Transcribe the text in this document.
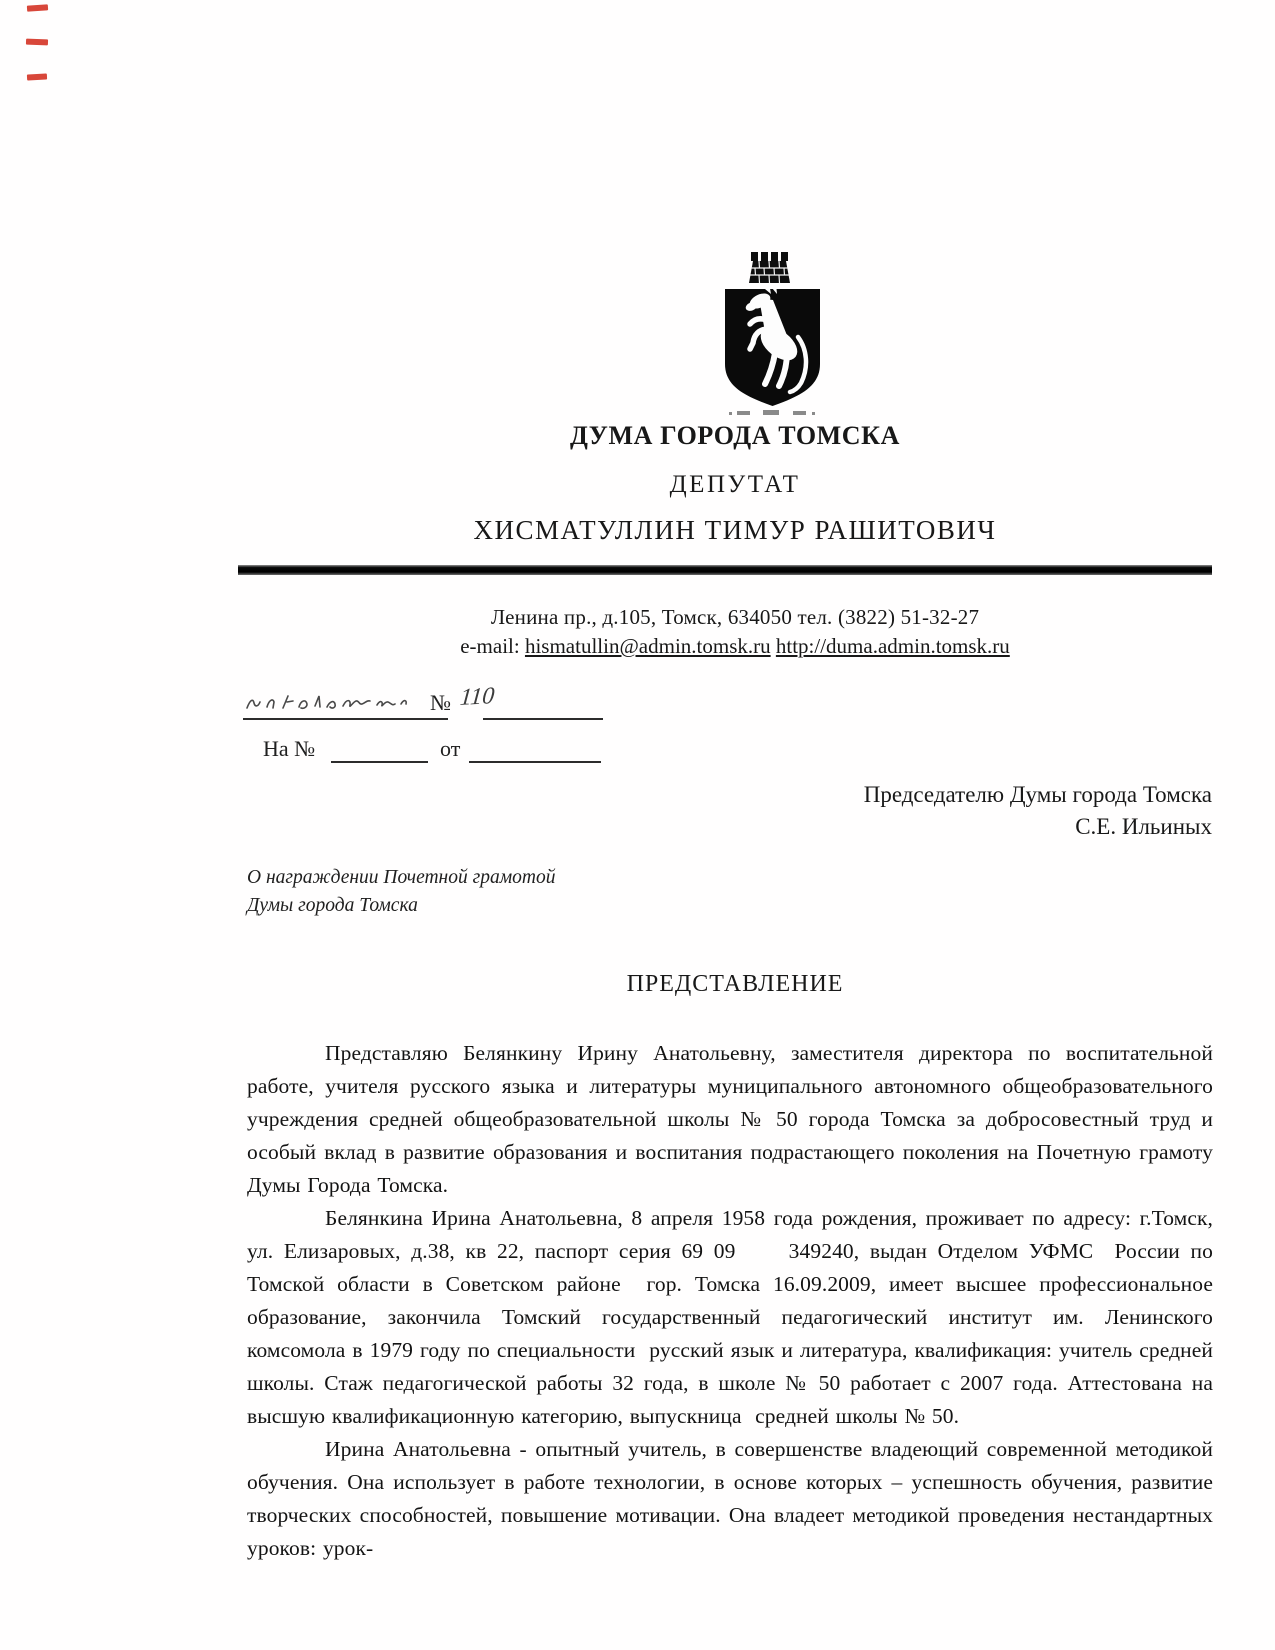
ДУМА ГОРОДА ТОМСКА
ДЕПУТАТ
ХИСМАТУЛЛИН ТИМУР РАШИТОВИЧ
Ленина пр., д.105, Томск, 634050 тел. (3822) 51-32-27
e-mail: hismatullin@admin.tomsk.ru http://duma.admin.tomsk.ru
№ 110
На №	от
Председателю Думы города Томска
С.Е. Ильиных
О награждении Почетной грамотой
Думы города Томска
ПРЕДСТАВЛЕНИЕ

Представляю Белянкину Ирину Анатольевну, заместителя директора по воспитательной работе, учителя русского языка и литературы муниципального автономного общеобразовательного учреждения средней общеобразовательной школы № 50 города Томска за добросовестный труд и особый вклад в развитие образования и воспитания подрастающего поколения на Почетную грамоту Думы Города Томска.

Белянкина Ирина Анатольевна, 8 апреля 1958 года рождения, проживает по адресу: г.Томск, ул. Елизаровых, д.38, кв 22, паспорт серия 69 09     349240, выдан Отделом УФМС  России по Томской области в Советском районе  гор. Томска 16.09.2009, имеет высшее профессиональное образование, закончила Томский государственный педагогический институт им. Ленинского комсомола в 1979 году по специальности  русский язык и литература, квалификация: учитель средней школы. Стаж педагогической работы 32 года, в школе № 50 работает с 2007 года. Аттестована на высшую квалификационную категорию, выпускница  средней школы № 50.

Ирина Анатольевна - опытный учитель, в совершенстве владеющий современной методикой обучения. Она использует в работе технологии, в основе которых – успешность обучения, развитие творческих способностей, повышение мотивации. Она владеет методикой проведения нестандартных уроков: урок-
